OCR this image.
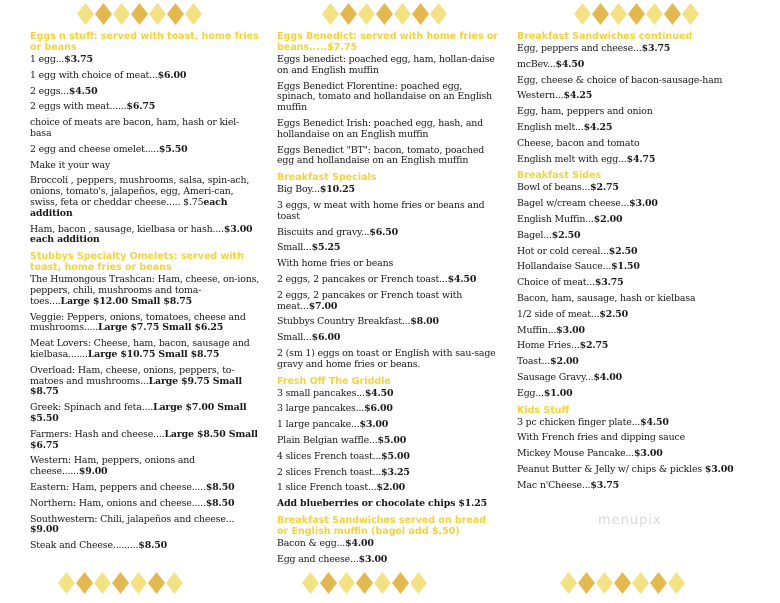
Eggs n stuff: served with toast, home fries or beans
1 egg...$3.75
1 egg with choice of meat...$6.00
2 eggs...$4.50
2 eggs with meat......$6.75
choice of meats are bacon, ham, hash or kiel-basa
2 egg and cheese omelet.....$5.50
Make it your way
Broccoli , peppers, mushrooms, salsa, spin-ach, onions, tomato's, jalapeños, egg, Ameri-can, swiss, feta or cheddar cheese..... $.75each addition
Ham, bacon , sausage, kielbasa or hash....$3.00 each addition
Stubbys Specialty Omelets: served with toast, home fries or beans
The Humongous Trashcan: Ham, cheese, on-ions, peppers, chili, mushrooms and toma-toes....Large $12.00 Small $8.75
Veggie: Peppers, onions, tomatoes, cheese and mushrooms.....Large $7.75 Small $6.25
Meat Lovers: Cheese, ham, bacon, sausage and kielbasa.......Large $10.75 Small $8.75
Overload: Ham, cheese, onions, peppers, to-matoes and mushrooms...Large $9.75 Small $8.75
Greek: Spinach and feta....Large $7.00 Small $5.50
Farmers: Hash and cheese....Large $8.50 Small $6.75
Western: Ham, peppers, onions and cheese......$9.00
Eastern: Ham, peppers and cheese.....$8.50
Northern: Ham, onions and cheese.....$8.50
Southwestern: Chili, jalapeños and cheese... $9.00
Steak and Cheese.........$8.50
Eggs Benedict: served with home fries or beans.....$7.75
Eggs benedict: poached egg, ham, hollan-daise on and English muffin
Eggs Benedict Florentine: poached egg, spinach, tomato and hollandaise on an English muffin
Eggs Benedict Irish: poached egg, hash, and hollandaise on an English muffin
Eggs Benedict "BT": bacon, tomato, poached egg and hollandaise on an English muffin
Breakfast Specials
Big Boy...$10.25
3 eggs, w meat with home fries or beans and toast
Biscuits and gravy...$6.50
Small...$5.25
With home fries or beans
2 eggs, 2 pancakes or French toast...$4.50
2 eggs, 2 pancakes or French toast with meat...$7.00
Stubbys Country Breakfast...$8.00
Small...$6.00
2 (sm 1) eggs on toast or English with sau-sage gravy and home fries or beans.
Fresh Off The Griddle
3 small pancakes...$4.50
3 large pancakes...$6.00
1 large pancake...$3.00
Plain Belgian waffle...$5.00
4 slices French toast...$5.00
2 slices French toast...$3.25
1 slice French toast...$2.00
Add blueberries or chocolate chips $1.25
Breakfast Sandwiches served on bread or English muffin (bagel add $.50)
Bacon & egg...$4.00
Egg and cheese...$3.00
Breakfast Sandwiches continued
Egg, peppers and cheese...$3.75
mcBev...$4.50
Egg, cheese & choice of bacon-sausage-ham
Western...$4.25
Egg, ham, peppers and onion
English melt...$4.25
Cheese, bacon and tomato
English melt with egg...$4.75
Breakfast Sides
Bowl of beans...$2.75
Bagel w/cream cheese...$3.00
English Muffin...$2.00
Bagel...$2.50
Hot or cold cereal...$2.50
Hollandaise Sauce...$1.50
Choice of meat...$3.75
Bacon, ham, sausage, hash or kielbasa
1/2 side of meat...$2.50
Muffin...$3.00
Home Fries...$2.75
Toast...$2.00
Sausage Gravy...$4.00
Egg...$1.00
Kids Stuff
3 pc chicken finger plate...$4.50
With French fries and dipping sauce
Mickey Mouse Pancake...$3.00
Peanut Butter & Jelly w/ chips & pickles $3.00
Mac n'Cheese...$3.75
menupix
